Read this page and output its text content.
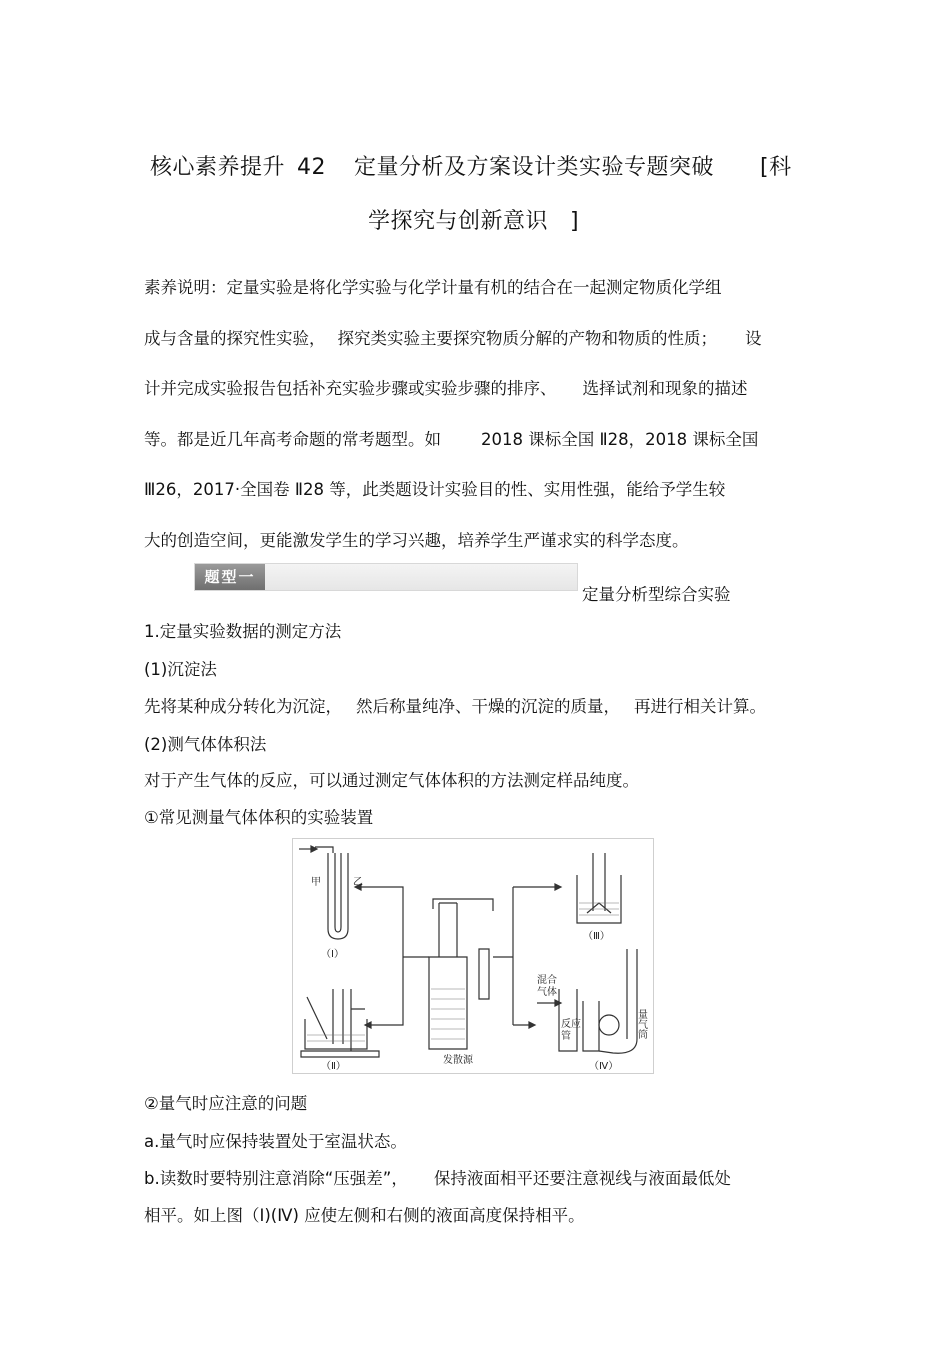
核心素养提升 42 定量分析及方案设计类实验专题突破 [科
学探究与创新意识 ]
素养说明：定量实验是将化学实验与化学计量有机的结合在一起测定物质化学组
成与含量的探究性实验， 探究类实验主要探究物质分解的产物和物质的性质； 设
计并完成实验报告包括补充实验步骤或实验步骤的排序、 选择试剂和现象的描述
等。都是近几年高考命题的常考题型。如 2018 课标全国 Ⅱ28，2018 课标全国
Ⅲ26，2017·全国卷 Ⅱ28 等，此类题设计实验目的性、实用性强，能给予学生较
大的创造空间，更能激发学生的学习兴趣，培养学生严谨求实的科学态度。
题型一
定量分析型综合实验
1.定量实验数据的测定方法
(1)沉淀法
先将某种成分转化为沉淀， 然后称量纯净、干燥的沉淀的质量， 再进行相关计算。
(2)测气体体积法
对于产生气体的反应，可以通过测定气体体积的方法测定样品纯度。
①常见测量气体体积的实验装置
甲	乙
（Ⅰ）
（Ⅱ）
（Ⅲ）
（Ⅳ）
发散源
混合
气体
反应
管	量气筒
②量气时应注意的问题
a.量气时应保持装置处于室温状态。
b.读数时要特别注意消除“压强差”， 保持液面相平还要注意视线与液面最低处
相平。如上图（Ⅰ)(Ⅳ) 应使左侧和右侧的液面高度保持相平。
